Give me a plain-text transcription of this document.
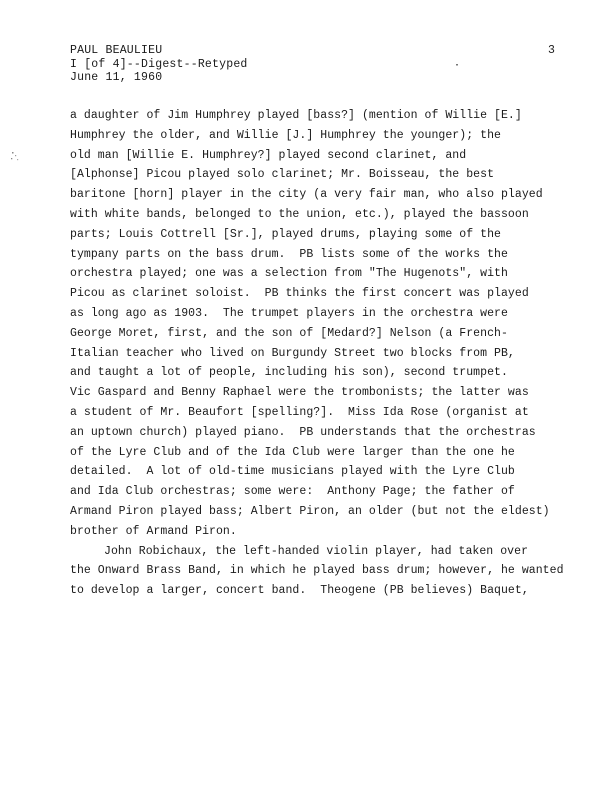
PAUL BEAULIEU
I [of 4]--Digest--Retyped
June 11, 1960
3
a daughter of Jim Humphrey played [bass?] (mention of Willie [E.]
Humphrey the older, and Willie [J.] Humphrey the younger); the
old man [Willie E. Humphrey?] played second clarinet, and
[Alphonse] Picou played solo clarinet; Mr. Boisseau, the best
baritone [horn] player in the city (a very fair man, who also played
with white bands, belonged to the union, etc.), played the bassoon
parts; Louis Cottrell [Sr.], played drums, playing some of the
tympany parts on the bass drum.  PB lists some of the works the
orchestra played; one was a selection from "The Hugenots", with
Picou as clarinet soloist.  PB thinks the first concert was played
as long ago as 1903.  The trumpet players in the orchestra were
George Moret, first, and the son of [Medard?] Nelson (a French-
Italian teacher who lived on Burgundy Street two blocks from PB,
and taught a lot of people, including his son), second trumpet.
Vic Gaspard and Benny Raphael were the trombonists; the latter was
a student of Mr. Beaufort [spelling?].  Miss Ida Rose (organist at
an uptown church) played piano.  PB understands that the orchestras
of the Lyre Club and of the Ida Club were larger than the one he
detailed.  A lot of old-time musicians played with the Lyre Club
and Ida Club orchestras; some were:  Anthony Page; the father of
Armand Piron played bass; Albert Piron, an older (but not the eldest)
brother of Armand Piron.
John Robichaux, the left-handed violin player, had taken over
the Onward Brass Band, in which he played bass drum; however, he wanted
to develop a larger, concert band.  Theogene (PB believes) Baquet,
